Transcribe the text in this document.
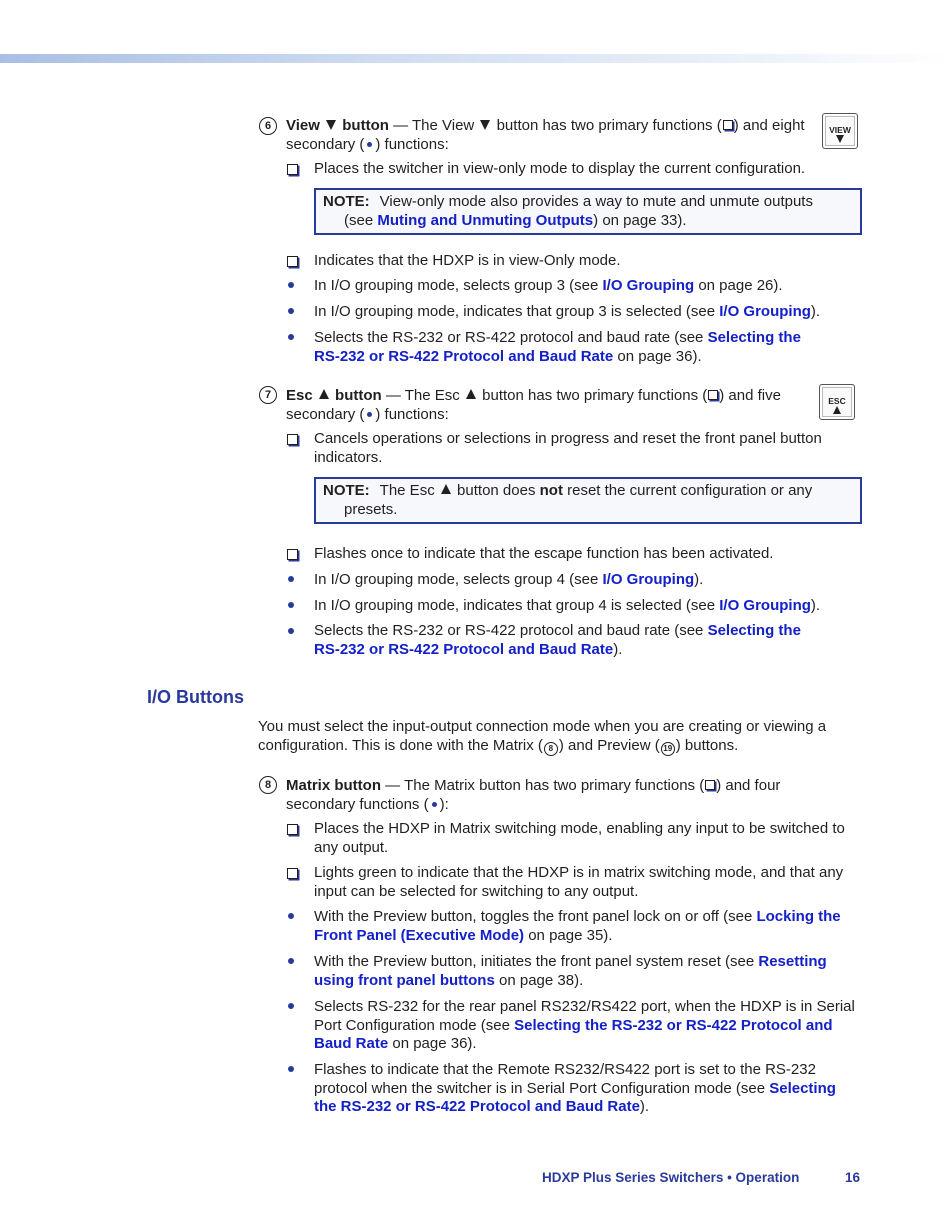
6 View button — The View button has two primary functions ( ) and eight
secondary ( ) functions:
VIEW
Places the switcher in view-only mode to display the current configuration.
NOTE: View-only mode also provides a way to mute and unmute outputs
(see Muting and Unmuting Outputs) on page 33).
Indicates that the HDXP is in view-Only mode.
In I/O grouping mode, selects group 3 (see I/O Grouping on page 26).
In I/O grouping mode, indicates that group 3 is selected (see I/O Grouping).
Selects the RS-232 or RS-422 protocol and baud rate (see Selecting the
RS-232 or RS-422 Protocol and Baud Rate on page 36).
7 Esc button — The Esc button has two primary functions ( ) and five
secondary ( ) functions:
ESC
Cancels operations or selections in progress and reset the front panel button
indicators.
NOTE: The Esc button does not reset the current configuration or any
presets.
Flashes once to indicate that the escape function has been activated.
In I/O grouping mode, selects group 4 (see I/O Grouping).
In I/O grouping mode, indicates that group 4 is selected (see I/O Grouping).
Selects the RS-232 or RS-422 protocol and baud rate (see Selecting the
RS-232 or RS-422 Protocol and Baud Rate).
I/O Buttons
You must select the input-output connection mode when you are creating or viewing a
configuration. This is done with the Matrix ( 8 ) and Preview ( 19 ) buttons.
8 Matrix button — The Matrix button has two primary functions ( ) and four
secondary functions ( ):
Places the HDXP in Matrix switching mode, enabling any input to be switched to
any output.
Lights green to indicate that the HDXP is in matrix switching mode, and that any
input can be selected for switching to any output.
With the Preview button, toggles the front panel lock on or off (see Locking the
Front Panel (Executive Mode) on page 35).
With the Preview button, initiates the front panel system reset (see Resetting
using front panel buttons on page 38).
Selects RS-232 for the rear panel RS232/RS422 port, when the HDXP is in Serial
Port Configuration mode (see Selecting the RS-232 or RS-422 Protocol and
Baud Rate on page 36).
Flashes to indicate that the Remote RS232/RS422 port is set to the RS-232
protocol when the switcher is in Serial Port Configuration mode (see Selecting
the RS-232 or RS-422 Protocol and Baud Rate).
HDXP Plus Series Switchers • Operation	16
